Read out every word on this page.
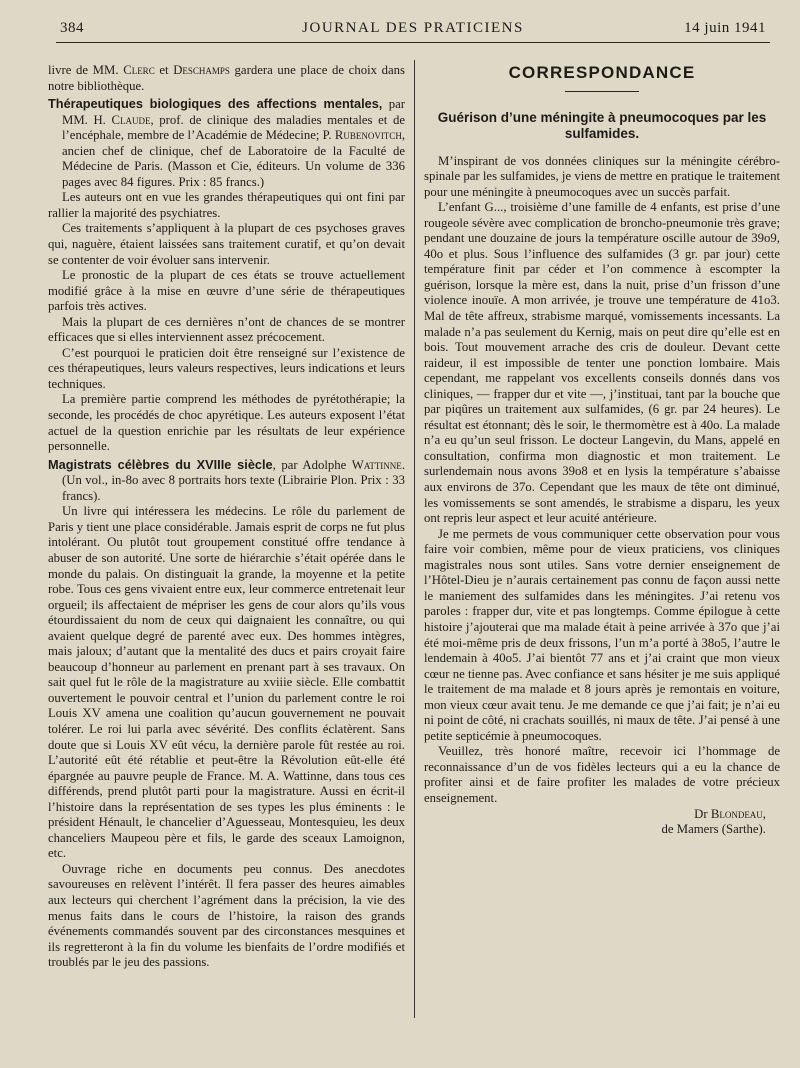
384	JOURNAL DES PRATICIENS	14 juin 1941

livre de MM. Clerc et Deschamps gardera une place de choix dans notre bibliothèque.

Thérapeutiques biologiques des affections mentales, par MM. H. Claude, prof. de clinique des maladies mentales et de l’encéphale, membre de l’Académie de Médecine; P. Rubenovitch, ancien chef de clinique, chef de Laboratoire de la Faculté de Médecine de Paris. (Masson et Cie, éditeurs. Un volume de 336 pages avec 84 figures. Prix : 85 francs.)

Les auteurs ont en vue les grandes thérapeutiques qui ont fini par rallier la majorité des psychiatres.

Ces traitements s’appliquent à la plupart de ces psychoses graves qui, naguère, étaient laissées sans traitement curatif, et qu’on devait se contenter de voir évoluer sans intervenir.

Le pronostic de la plupart de ces états se trouve actuellement modifié grâce à la mise en œuvre d’une série de thérapeutiques parfois très actives.

Mais la plupart de ces dernières n’ont de chances de se montrer efficaces que si elles interviennent assez précocement.

C’est pourquoi le praticien doit être renseigné sur l’existence de ces thérapeutiques, leurs valeurs respectives, leurs indications et leurs techniques.

La première partie comprend les méthodes de pyrétothérapie; la seconde, les procédés de choc apyrétique. Les auteurs exposent l’état actuel de la question enrichie par les résultats de leur expérience personnelle.

Magistrats célèbres du XVIIIe siècle, par Adolphe Wattinne. (Un vol., in-8o avec 8 portraits hors texte (Librairie Plon. Prix : 33 francs).

Un livre qui intéressera les médecins. Le rôle du parlement de Paris y tient une place considérable. Jamais esprit de corps ne fut plus intolérant. Ou plutôt tout groupement constitué offre tendance à abuser de son autorité. Une sorte de hiérarchie s’était opérée dans le monde du palais. On distinguait la grande, la moyenne et la petite robe. Tous ces gens vivaient entre eux, leur commerce entretenait leur orgueil; ils affectaient de mépriser les gens de cour alors qu’ils vous étourdissaient du nom de ceux qui daignaient les connaître, ou qui avaient quelque degré de parenté avec eux. Des hommes intègres, mais jaloux; d’autant que la mentalité des ducs et pairs croyait faire beaucoup d’honneur au parlement en prenant part à ses travaux. On sait quel fut le rôle de la magistrature au xviiie siècle. Elle combattit ouvertement le pouvoir central et l’union du parlement contre le roi Louis XV amena une coalition qu’aucun gouvernement ne pouvait tolérer. Le roi lui parla avec sévérité. Des conflits éclatèrent. Sans doute que si Louis XV eût vécu, la dernière parole fût restée au roi. L’autorité eût été rétablie et peut-être la Révolution eût-elle été épargnée au pauvre peuple de France. M. A. Wattinne, dans tous ces différends, prend plutôt parti pour la magistrature. Aussi en écrit-il l’histoire dans la représentation de ses types les plus éminents : le président Hénault, le chancelier d’Aguesseau, Montesquieu, les deux chanceliers Maupeou père et fils, le garde des sceaux Lamoignon, etc.

Ouvrage riche en documents peu connus. Des anecdotes savoureuses en relèvent l’intérêt. Il fera passer des heures aimables aux lecteurs qui cherchent l’agrément dans la précision, la vie des menus faits dans le cours de l’histoire, la raison des grands événements commandés souvent par des circonstances mesquines et ils regretteront à la fin du volume les bienfaits de l’ordre modifiés et troublés par le jeu des passions.

CORRESPONDANCE
Guérison d’une méningite à pneumocoques par les sulfamides.

M’inspirant de vos données cliniques sur la méningite cérébro-spinale par les sulfamides, je viens de mettre en pratique le traitement pour une méningite à pneumocoques avec un succès parfait.

L’enfant G..., troisième d’une famille de 4 enfants, est prise d’une rougeole sévère avec complication de broncho-pneumonie très grave; pendant une douzaine de jours la température oscille autour de 39o9, 40o et plus. Sous l’influence des sulfamides (3 gr. par jour) cette température finit par céder et l’on commence à escompter la guérison, lorsque la mère est, dans la nuit, prise d’un frisson d’une violence inouïe. A mon arrivée, je trouve une température de 41o3. Mal de tête affreux, strabisme marqué, vomissements incessants. La malade n’a pas seulement du Kernig, mais on peut dire qu’elle est en bois. Tout mouvement arrache des cris de douleur. Devant cette raideur, il est impossible de tenter une ponction lombaire. Mais cependant, me rappelant vos excellents conseils donnés dans vos cliniques, — frapper dur et vite —, j’instituai, tant par la bouche que par piqûres un traitement aux sulfamides, (6 gr. par 24 heures). Le résultat est étonnant; dès le soir, le thermomètre est à 40o. La malade n’a eu qu’un seul frisson. Le docteur Langevin, du Mans, appelé en consultation, confirma mon diagnostic et mon traitement. Le surlendemain nous avons 39o8 et en lysis la température s’abaisse aux environs de 37o. Cependant que les maux de tête ont diminué, les vomissements se sont amendés, le strabisme a disparu, les yeux ont repris leur aspect et leur acuité antérieure.

Je me permets de vous communiquer cette observation pour vous faire voir combien, même pour de vieux praticiens, vos cliniques magistrales nous sont utiles. Sans votre dernier enseignement de l’Hôtel-Dieu je n’aurais certainement pas connu de façon aussi nette le maniement des sulfamides dans les méningites. J’ai retenu vos paroles : frapper dur, vite et pas longtemps. Comme épilogue à cette histoire j’ajouterai que ma malade était à peine arrivée à 37o que j’ai été moi-même pris de deux frissons, l’un m’a porté à 38o5, l’autre le lendemain à 40o5. J’ai bientôt 77 ans et j’ai craint que mon vieux cœur ne tienne pas. Avec confiance et sans hésiter je me suis appliqué le traitement de ma malade et 8 jours après je remontais en voiture, mon vieux cœur avait tenu. Je me demande ce que j’ai fait; je n’ai eu ni point de côté, ni crachats souillés, ni maux de tête. J’ai pensé à une petite septicémie à pneumocoques.

Veuillez, très honoré maître, recevoir ici l’hommage de reconnaissance d’un de vos fidèles lecteurs qui a eu la chance de profiter ainsi et de faire profiter les malades de votre précieux enseignement.

Dr Blondeau,

de Mamers (Sarthe).
